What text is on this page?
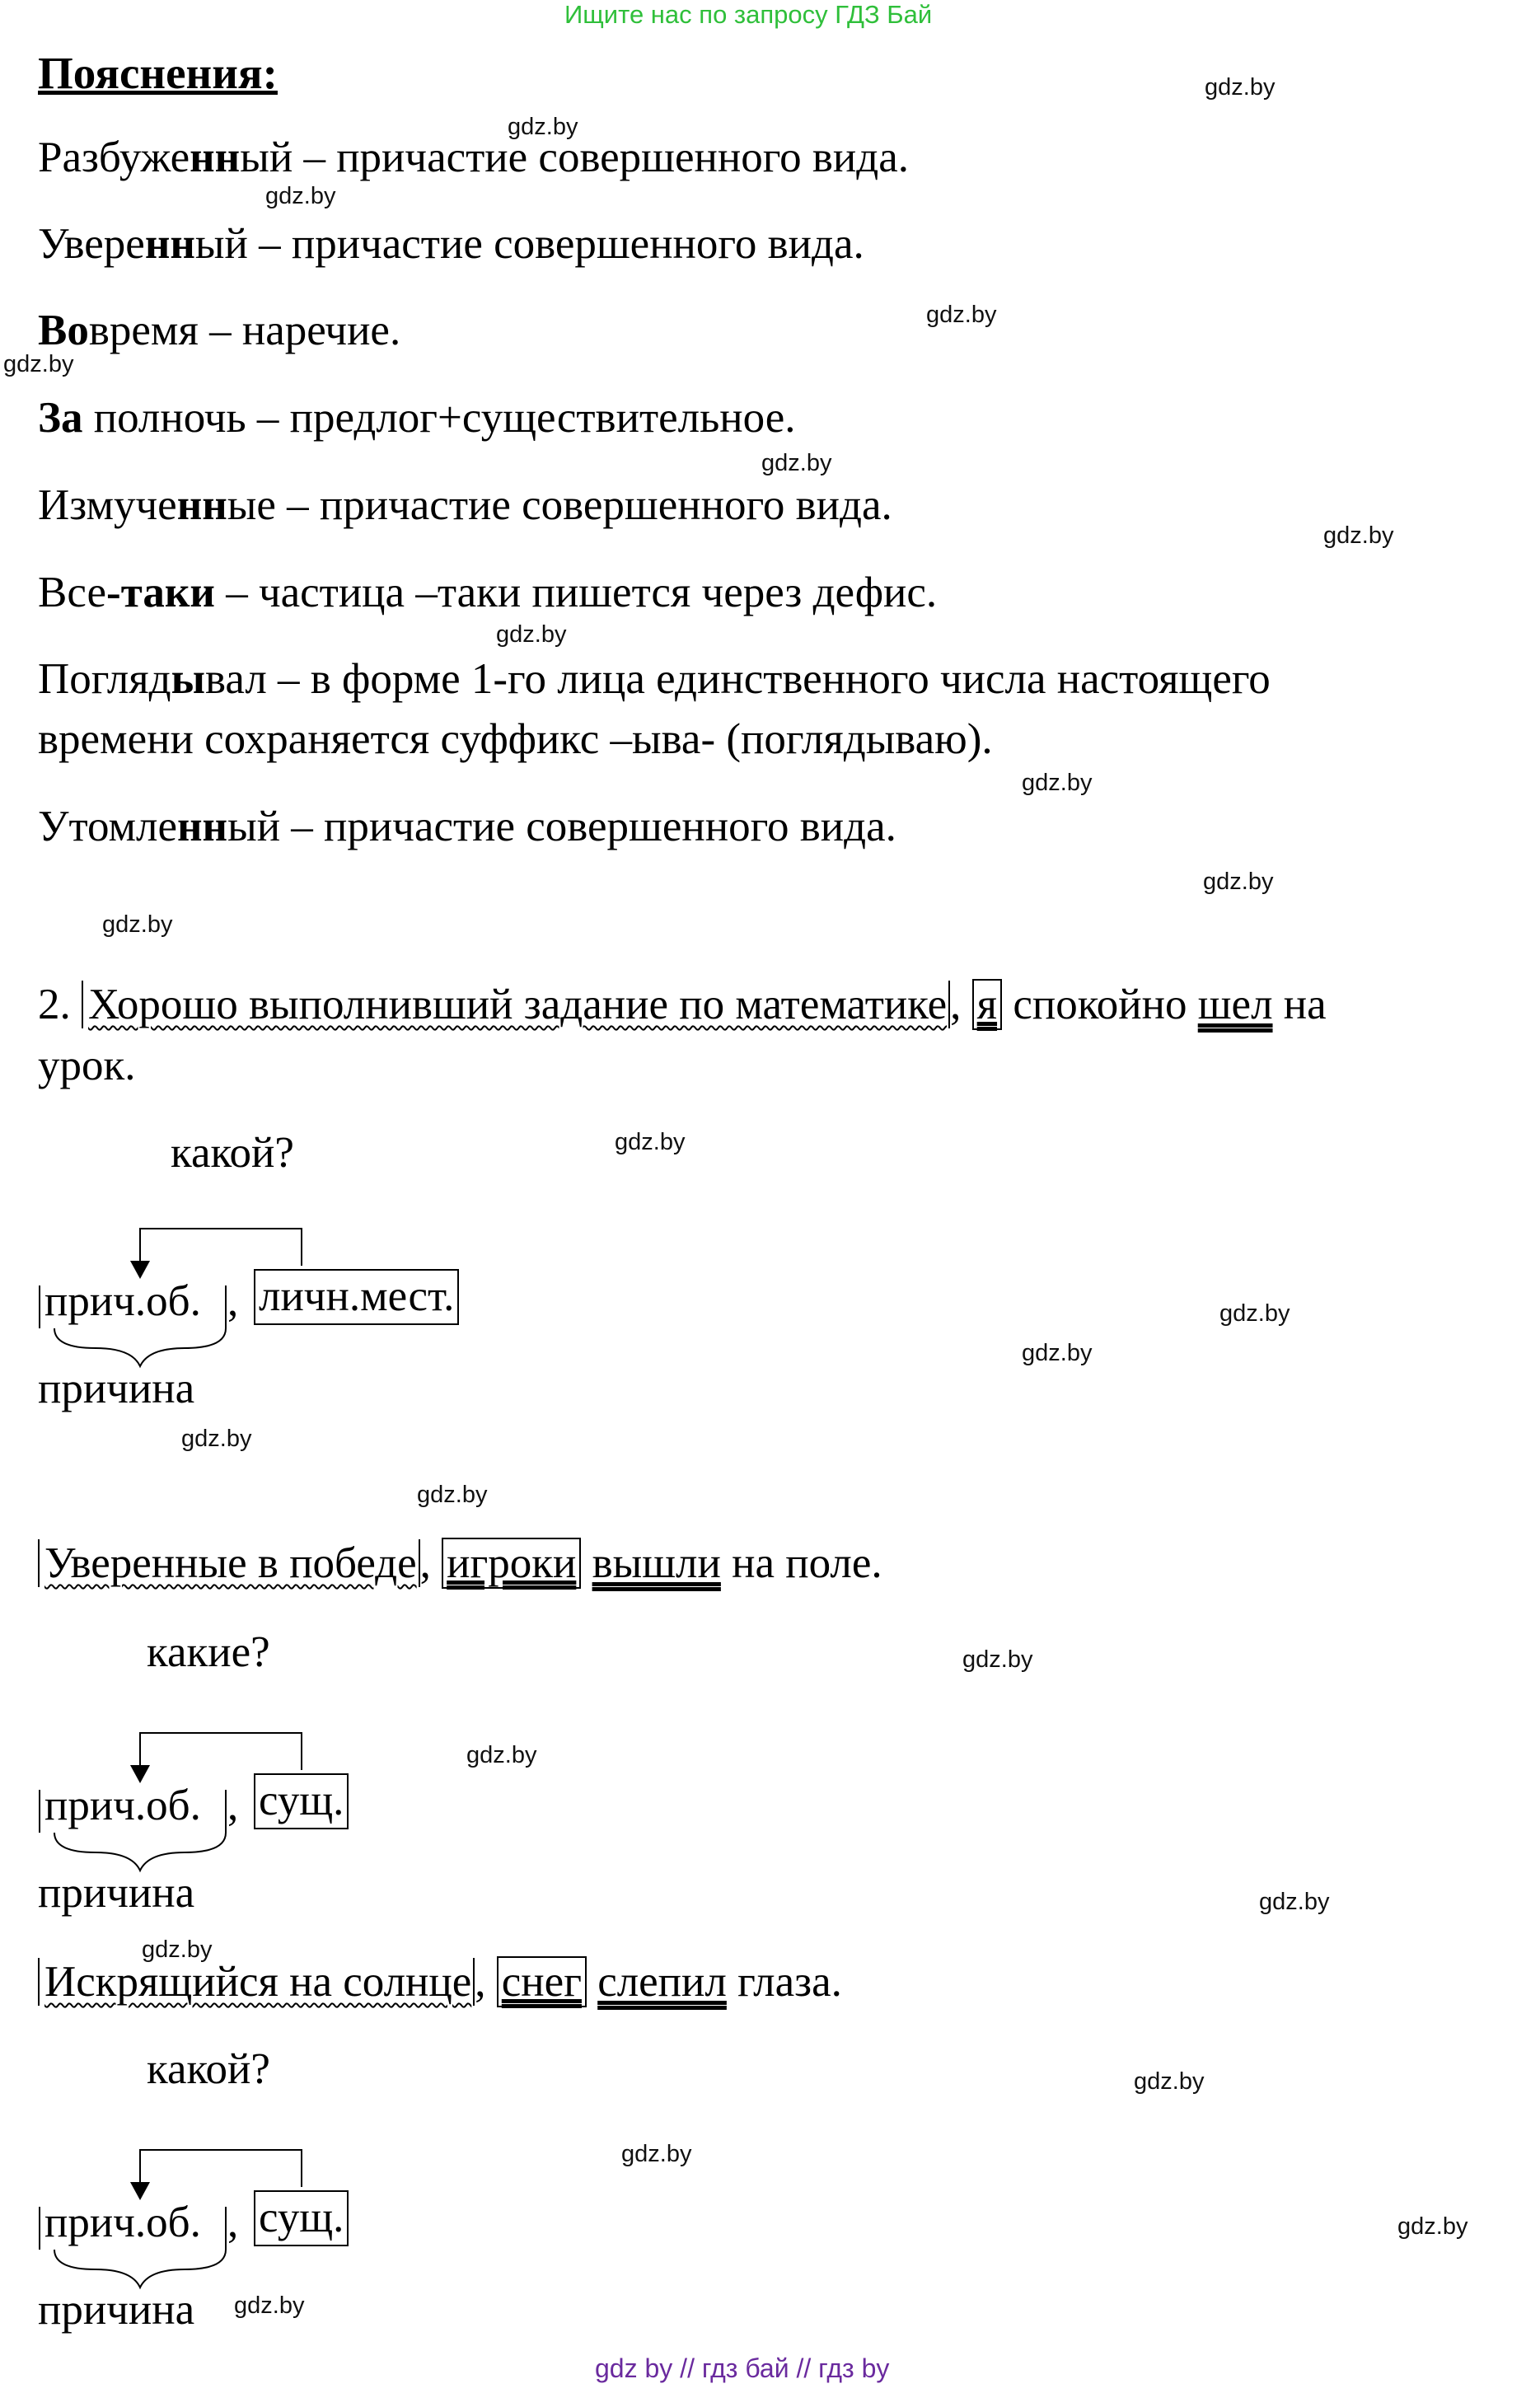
Ищите нас по запросу ГДЗ Бай
Пояснения:
Разбуженный – причастие совершенного вида.
Уверенный – причастие совершенного вида.
Вовремя – наречие.
За полночь – предлог+существительное.
Измученные – причастие совершенного вида.
Все-таки – частица –таки пишется через дефис.
Поглядывал – в форме 1-го лица единственного числа настоящего
времени сохраняется суффикс –ыва- (поглядываю).
Утомленный – причастие совершенного вида.
2. Хорошо выполнивший задание по математике, я спокойно шел на
урок.
какой?
прич.об. , личн.мест.
причина
Уверенные в победе, игроки вышли на поле.
какие?
прич.об. , сущ.
причина
Искрящийся на солнце, снег слепил глаза.
какой?
прич.об. , сущ.
причина
gdz.by
gdz.by
gdz.by
gdz.by
gdz.by
gdz.by
gdz.by
gdz.by
gdz.by
gdz.by
gdz.by
gdz.by
gdz.by
gdz.by
gdz.by
gdz.by
gdz.by
gdz.by
gdz.by
gdz.by
gdz.by
gdz.by
gdz.by
gdz.by
gdz by // гдз бай // гдз by
